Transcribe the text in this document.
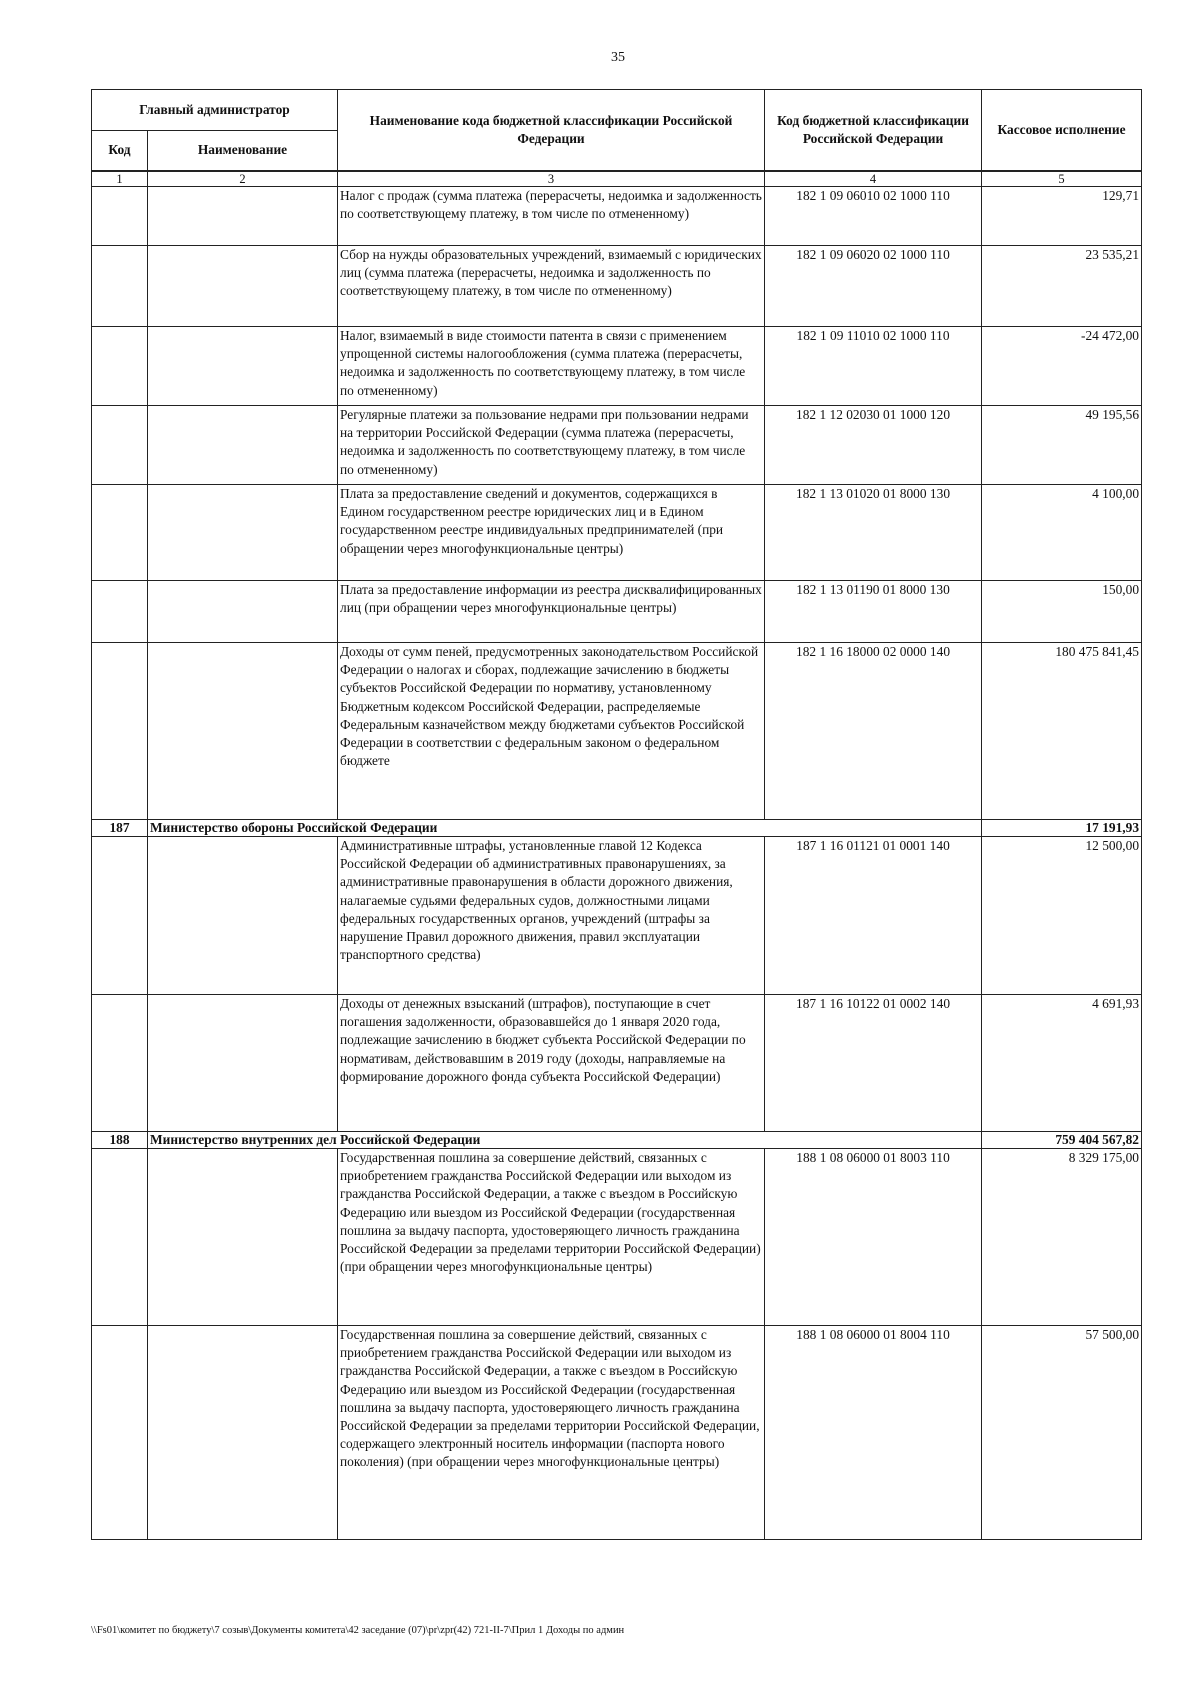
35
Главный администратор		Наименование кода бюджетной классификации Российской Федерации	Код бюджетной классификации Российской Федерации	Кассовое исполнение
Код	Наименование			
1	2	3	4	5
		Налог с продаж (сумма платежа (перерасчеты, недоимка и задолженность по соответствующему платежу, в том числе по отмененному)	182 1 09 06010 02 1000 110	129,71
		Сбор на нужды образовательных учреждений, взимаемый с юридических лиц (сумма платежа (перерасчеты, недоимка и задолженность по соответствующему платежу, в том числе по отмененному)	182 1 09 06020 02 1000 110	23 535,21
		Налог, взимаемый в виде стоимости патента в связи с применением упрощенной системы налогообложения (сумма платежа (перерасчеты, недоимка и задолженность по соответствующему платежу, в том числе по отмененному)	182 1 09 11010 02 1000 110	-24 472,00
		Регулярные платежи за пользование недрами при пользовании недрами на территории Российской Федерации (сумма платежа (перерасчеты, недоимка и задолженность по соответствующему платежу, в том числе по отмененному)	182 1 12 02030 01 1000 120	49 195,56
		Плата за предоставление сведений и документов, содержащихся в Едином государственном реестре юридических лиц и в Едином государственном реестре индивидуальных предпринимателей (при обращении через многофункциональные центры)	182 1 13 01020 01 8000 130	4 100,00
		Плата за предоставление информации из реестра дисквалифицированных лиц (при обращении через многофункциональные центры)	182 1 13 01190 01 8000 130	150,00
		Доходы от сумм пеней, предусмотренных законодательством Российской Федерации о налогах и сборах, подлежащие зачислению в бюджеты субъектов Российской Федерации по нормативу, установленному Бюджетным кодексом Российской Федерации, распределяемые Федеральным казначейством между бюджетами субъектов Российской Федерации в соответствии с федеральным законом о федеральном бюджете	182 1 16 18000 02 0000 140	180 475 841,45
187	Министерство обороны Российской Федерации			17 191,93
		Административные штрафы, установленные главой 12 Кодекса Российской Федерации об административных правонарушениях, за административные правонарушения в области дорожного движения, налагаемые судьями федеральных судов, должностными лицами федеральных государственных органов, учреждений (штрафы за нарушение Правил дорожного движения, правил эксплуатации транспортного средства)	187 1 16 01121 01 0001 140	12 500,00
		Доходы от денежных взысканий (штрафов), поступающие в счет погашения задолженности, образовавшейся до 1 января 2020 года, подлежащие зачислению в бюджет субъекта Российской Федерации по нормативам, действовавшим в 2019 году (доходы, направляемые на формирование дорожного фонда субъекта Российской Федерации)	187 1 16 10122 01 0002 140	4 691,93
188	Министерство внутренних дел Российской Федерации			759 404 567,82
		Государственная пошлина за совершение действий, связанных с приобретением гражданства Российской Федерации или выходом из гражданства Российской Федерации, а также с въездом в Российскую Федерацию или выездом из Российской Федерации (государственная пошлина за выдачу паспорта, удостоверяющего личность гражданина Российской Федерации за пределами территории Российской Федерации) (при обращении через многофункциональные центры)	188 1 08 06000 01 8003 110	8 329 175,00
		Государственная пошлина за совершение действий, связанных с приобретением гражданства Российской Федерации или выходом из гражданства Российской Федерации, а также с въездом в Российскую Федерацию или выездом из Российской Федерации (государственная пошлина за выдачу паспорта, удостоверяющего личность гражданина Российской Федерации за пределами территории Российской Федерации, содержащего электронный носитель информации (паспорта нового поколения) (при обращении через многофункциональные центры)	188 1 08 06000 01 8004 110	57 500,00
\\Fs01\комитет по бюджету\7 созыв\Документы комитета\42 заседание (07)\pr\zpr(42) 721-II-7\Прил 1 Доходы по админ
